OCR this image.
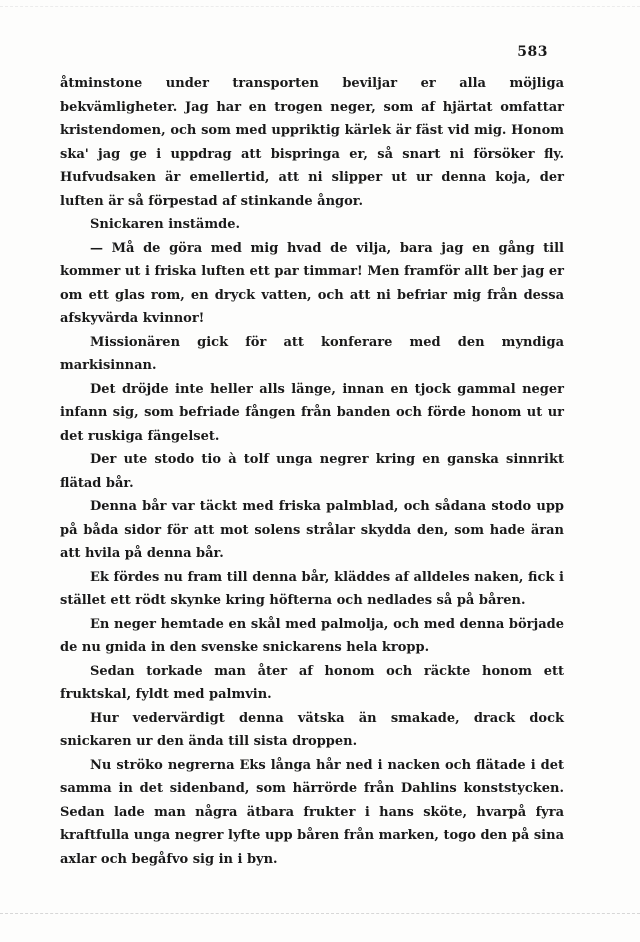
583

åtminstone under transporten beviljar er alla möjliga bekvämligheter. Jag har en trogen neger, som af hjärtat omfattar kristendomen, och som med uppriktig kärlek är fäst vid mig. Honom ska' jag ge i uppdrag att bispringa er, så snart ni försöker fly. Hufvudsaken är emellertid, att ni slipper ut ur denna koja, der luften är så förpestad af stinkande ångor.

Snickaren instämde.

— Må de göra med mig hvad de vilja, bara jag en gång till kommer ut i friska luften ett par timmar! Men framför allt ber jag er om ett glas rom, en dryck vatten, och att ni befriar mig från dessa afskyvärda kvinnor!

Missionären gick för att konferare med den myndiga markisinnan.

Det dröjde inte heller alls länge, innan en tjock gammal neger infann sig, som befriade fången från banden och förde honom ut ur det ruskiga fängelset.

Der ute stodo tio à tolf unga negrer kring en ganska sinnrikt flätad bår.

Denna bår var täckt med friska palmblad, och sådana stodo upp på båda sidor för att mot solens strålar skydda den, som hade äran att hvila på denna bår.

Ek fördes nu fram till denna bår, kläddes af alldeles naken, fick i stället ett rödt skynke kring höfterna och nedlades så på båren.

En neger hemtade en skål med palmolja, och med denna började de nu gnida in den svenske snickarens hela kropp.

Sedan torkade man åter af honom och räckte honom ett fruktskal, fyldt med palmvin.

Hur vedervärdigt denna vätska än smakade, drack dock snickaren ur den ända till sista droppen.

Nu ströko negrerna Eks långa hår ned i nacken och flätade i det samma in det sidenband, som härrörde från Dahlins konststycken. Sedan lade man några ätbara frukter i hans sköte, hvarpå fyra kraftfulla unga negrer lyfte upp båren från marken, togo den på sina axlar och begåfvo sig in i byn.
